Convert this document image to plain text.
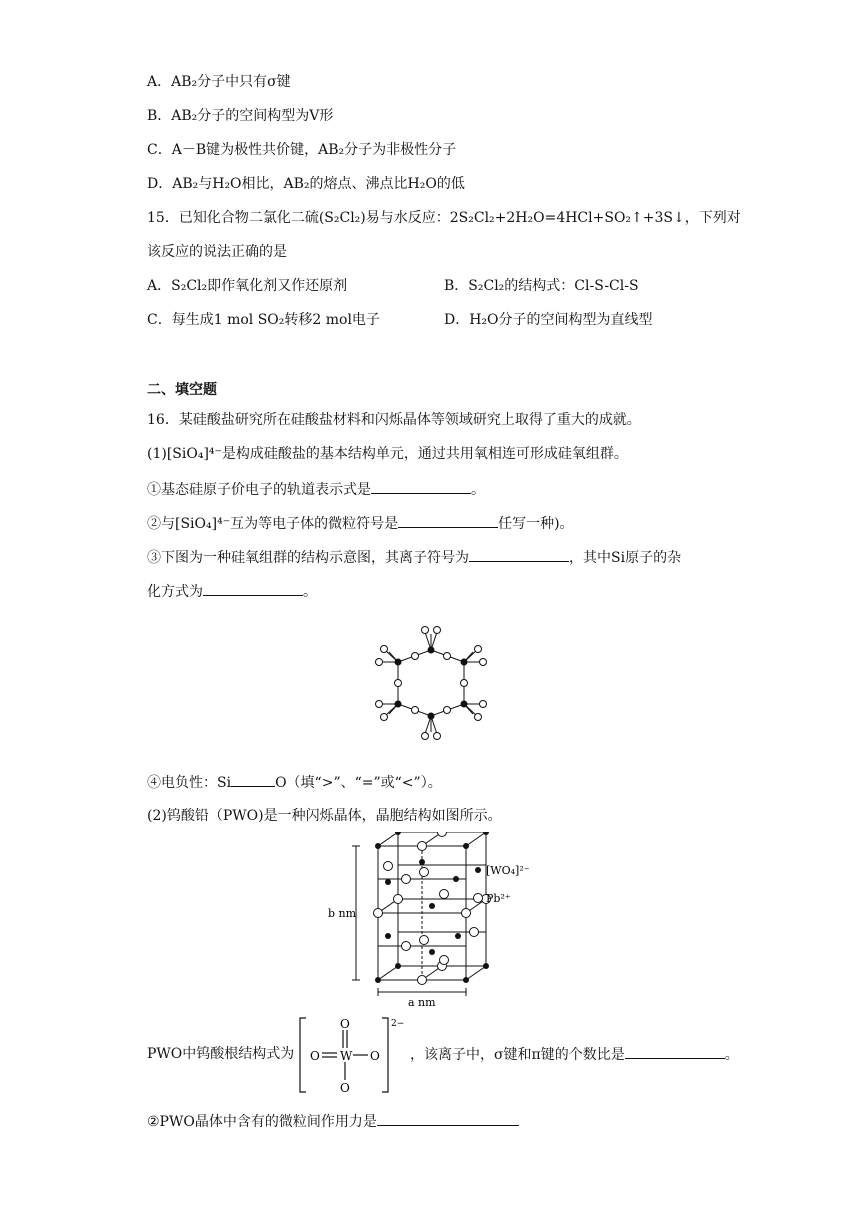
A．AB₂分子中只有σ键
B．AB₂分子的空间构型为V形
C．A－B键为极性共价键，AB₂分子为非极性分子
D．AB₂与H₂O相比，AB₂的熔点、沸点比H₂O的低
15．已知化合物二氯化二硫(S₂Cl₂)易与水反应：2S₂Cl₂+2H₂O=4HCl+SO₂↑+3S↓，下列对
该反应的说法正确的是
A．S₂Cl₂即作氧化剂又作还原剂	B．S₂Cl₂的结构式：Cl-S-Cl-S
C．每生成1 mol SO₂转移2 mol电子	D．H₂O分子的空间构型为直线型
二、填空题
16．某硅酸盐研究所在硅酸盐材料和闪烁晶体等领域研究上取得了重大的成就。
(1)[SiO₄]⁴⁻是构成硅酸盐的基本结构单元，通过共用氧相连可形成硅氧组群。
①基态硅原子价电子的轨道表示式是	。
②与[SiO₄]⁴⁻互为等电子体的微粒符号是	任写一种)。
③下图为一种硅氧组群的结构示意图，其离子符号为	，其中Si原子的杂
化方式为	。
④电负性：Si	O（填“>”、“=”或“<”）。
(2)钨酸铅（PWO)是一种闪烁晶体，晶胞结构如图所示。
[WO₄]²⁻
Pb²⁺
b nm
a nm
PWO中钨酸根结构式为
O
W
O	O
O
2−
，该离子中，σ键和π键的个数比是	。
②PWO晶体中含有的微粒间作用力是
